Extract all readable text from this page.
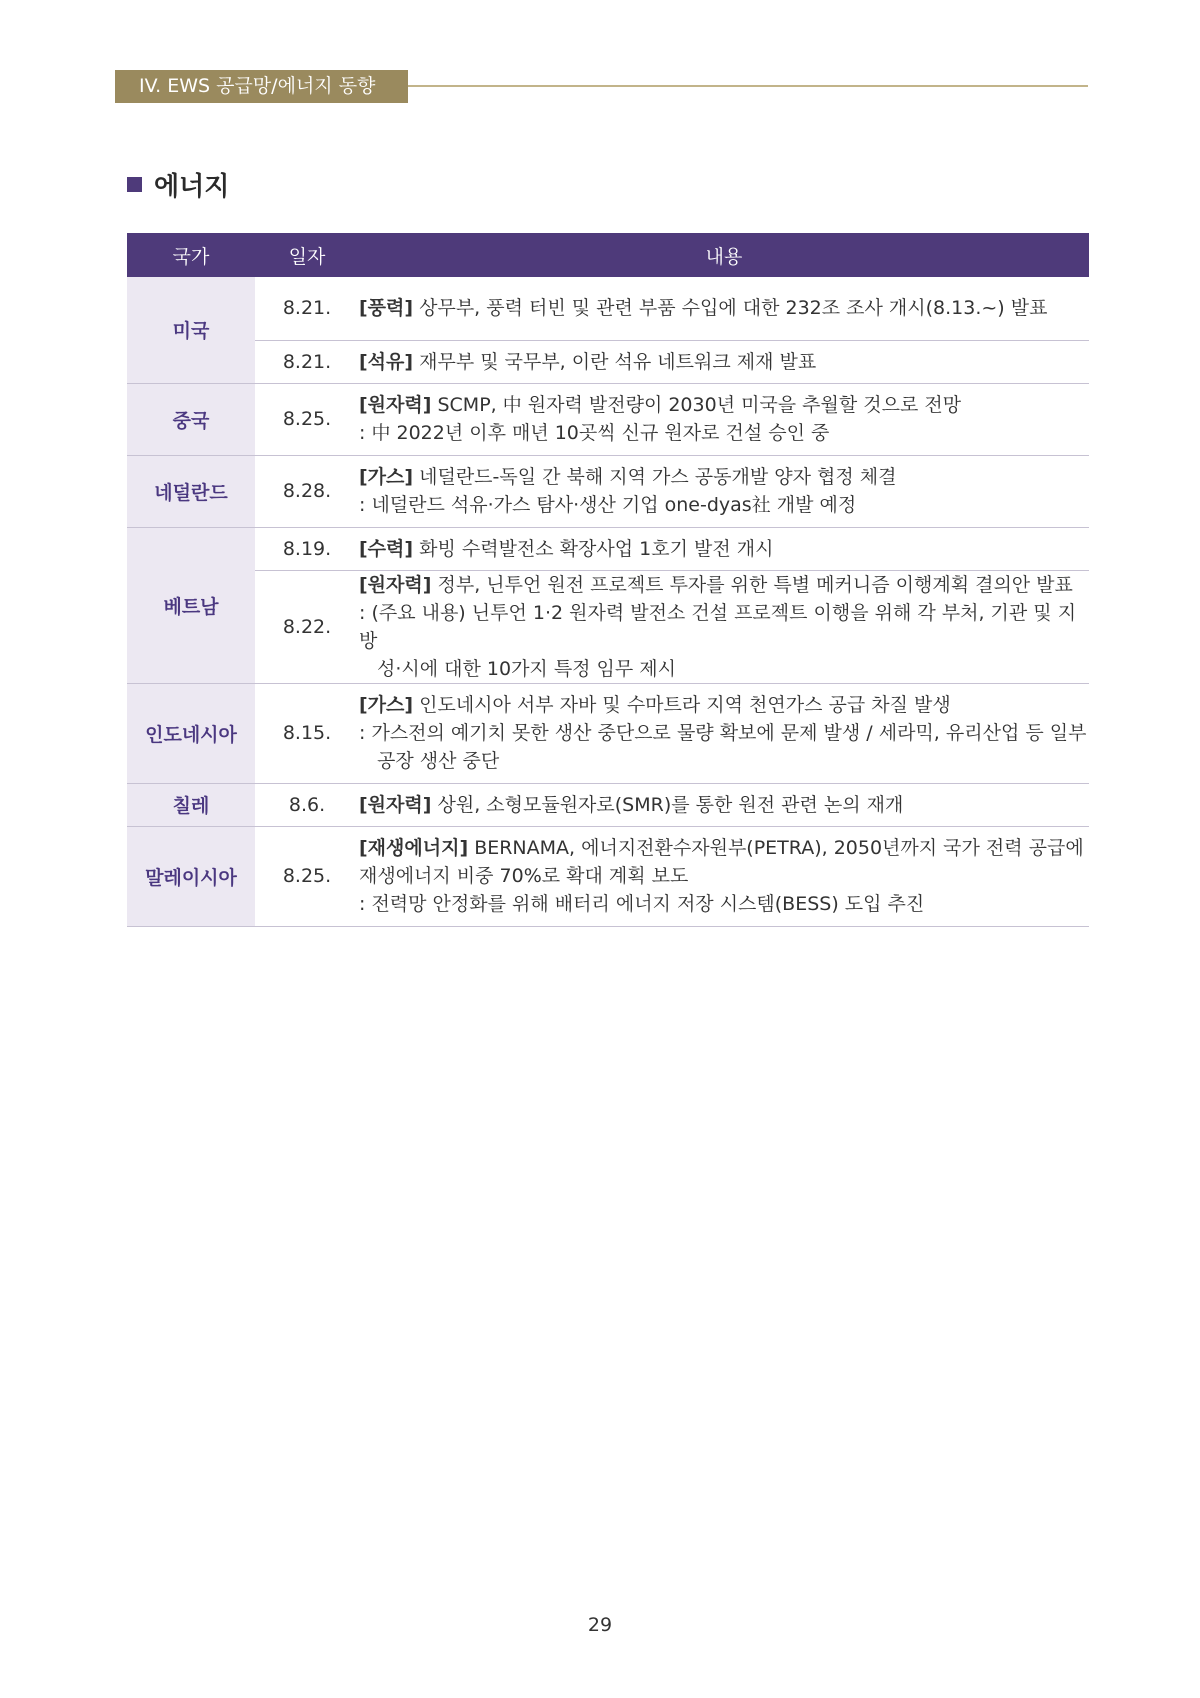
IV. EWS 공급망/에너지 동향
에너지
국가	일자	내용
미국	8.21.	[풍력] 상무부, 풍력 터빈 및 관련 부품 수입에 대한 232조 조사 개시(8.13.~) 발표

	8.21.	[석유] 재무부 및 국무부, 이란 석유 네트워크 제재 발표

중국	8.25.	[원자력] SCMP, 中 원자력 발전량이 2030년 미국을 추월할 것으로 전망
: 中 2022년 이후 매년 10곳씩 신규 원자로 건설 승인 중

네덜란드	8.28.	[가스] 네덜란드-독일 간 북해 지역 가스 공동개발 양자 협정 체결
: 네덜란드 석유·가스 탐사·생산 기업 one-dyas社 개발 예정

베트남	8.19.	[수력] 화빙 수력발전소 확장사업 1호기 발전 개시

	8.22.	[원자력] 정부, 닌투언 원전 프로젝트 투자를 위한 특별 메커니즘 이행계획 결의안 발표
: (주요 내용) 닌투언 1·2 원자력 발전소 건설 프로젝트 이행을 위해 각 부처, 기관 및 지방
성·시에 대한 10가지 특정 임무 제시

인도네시아	8.15.	[가스] 인도네시아 서부 자바 및 수마트라 지역 천연가스 공급 차질 발생
: 가스전의 예기치 못한 생산 중단으로 물량 확보에 문제 발생 / 세라믹, 유리산업 등 일부
공장 생산 중단

칠레	8.6.	[원자력] 상원, 소형모듈원자로(SMR)를 통한 원전 관련 논의 재개

말레이시아	8.25.	[재생에너지] BERNAMA, 에너지전환수자원부(PETRA), 2050년까지 국가 전력 공급에
재생에너지 비중 70%로 확대 계획 보도
: 전력망 안정화를 위해 배터리 에너지 저장 시스템(BESS) 도입 추진
29
